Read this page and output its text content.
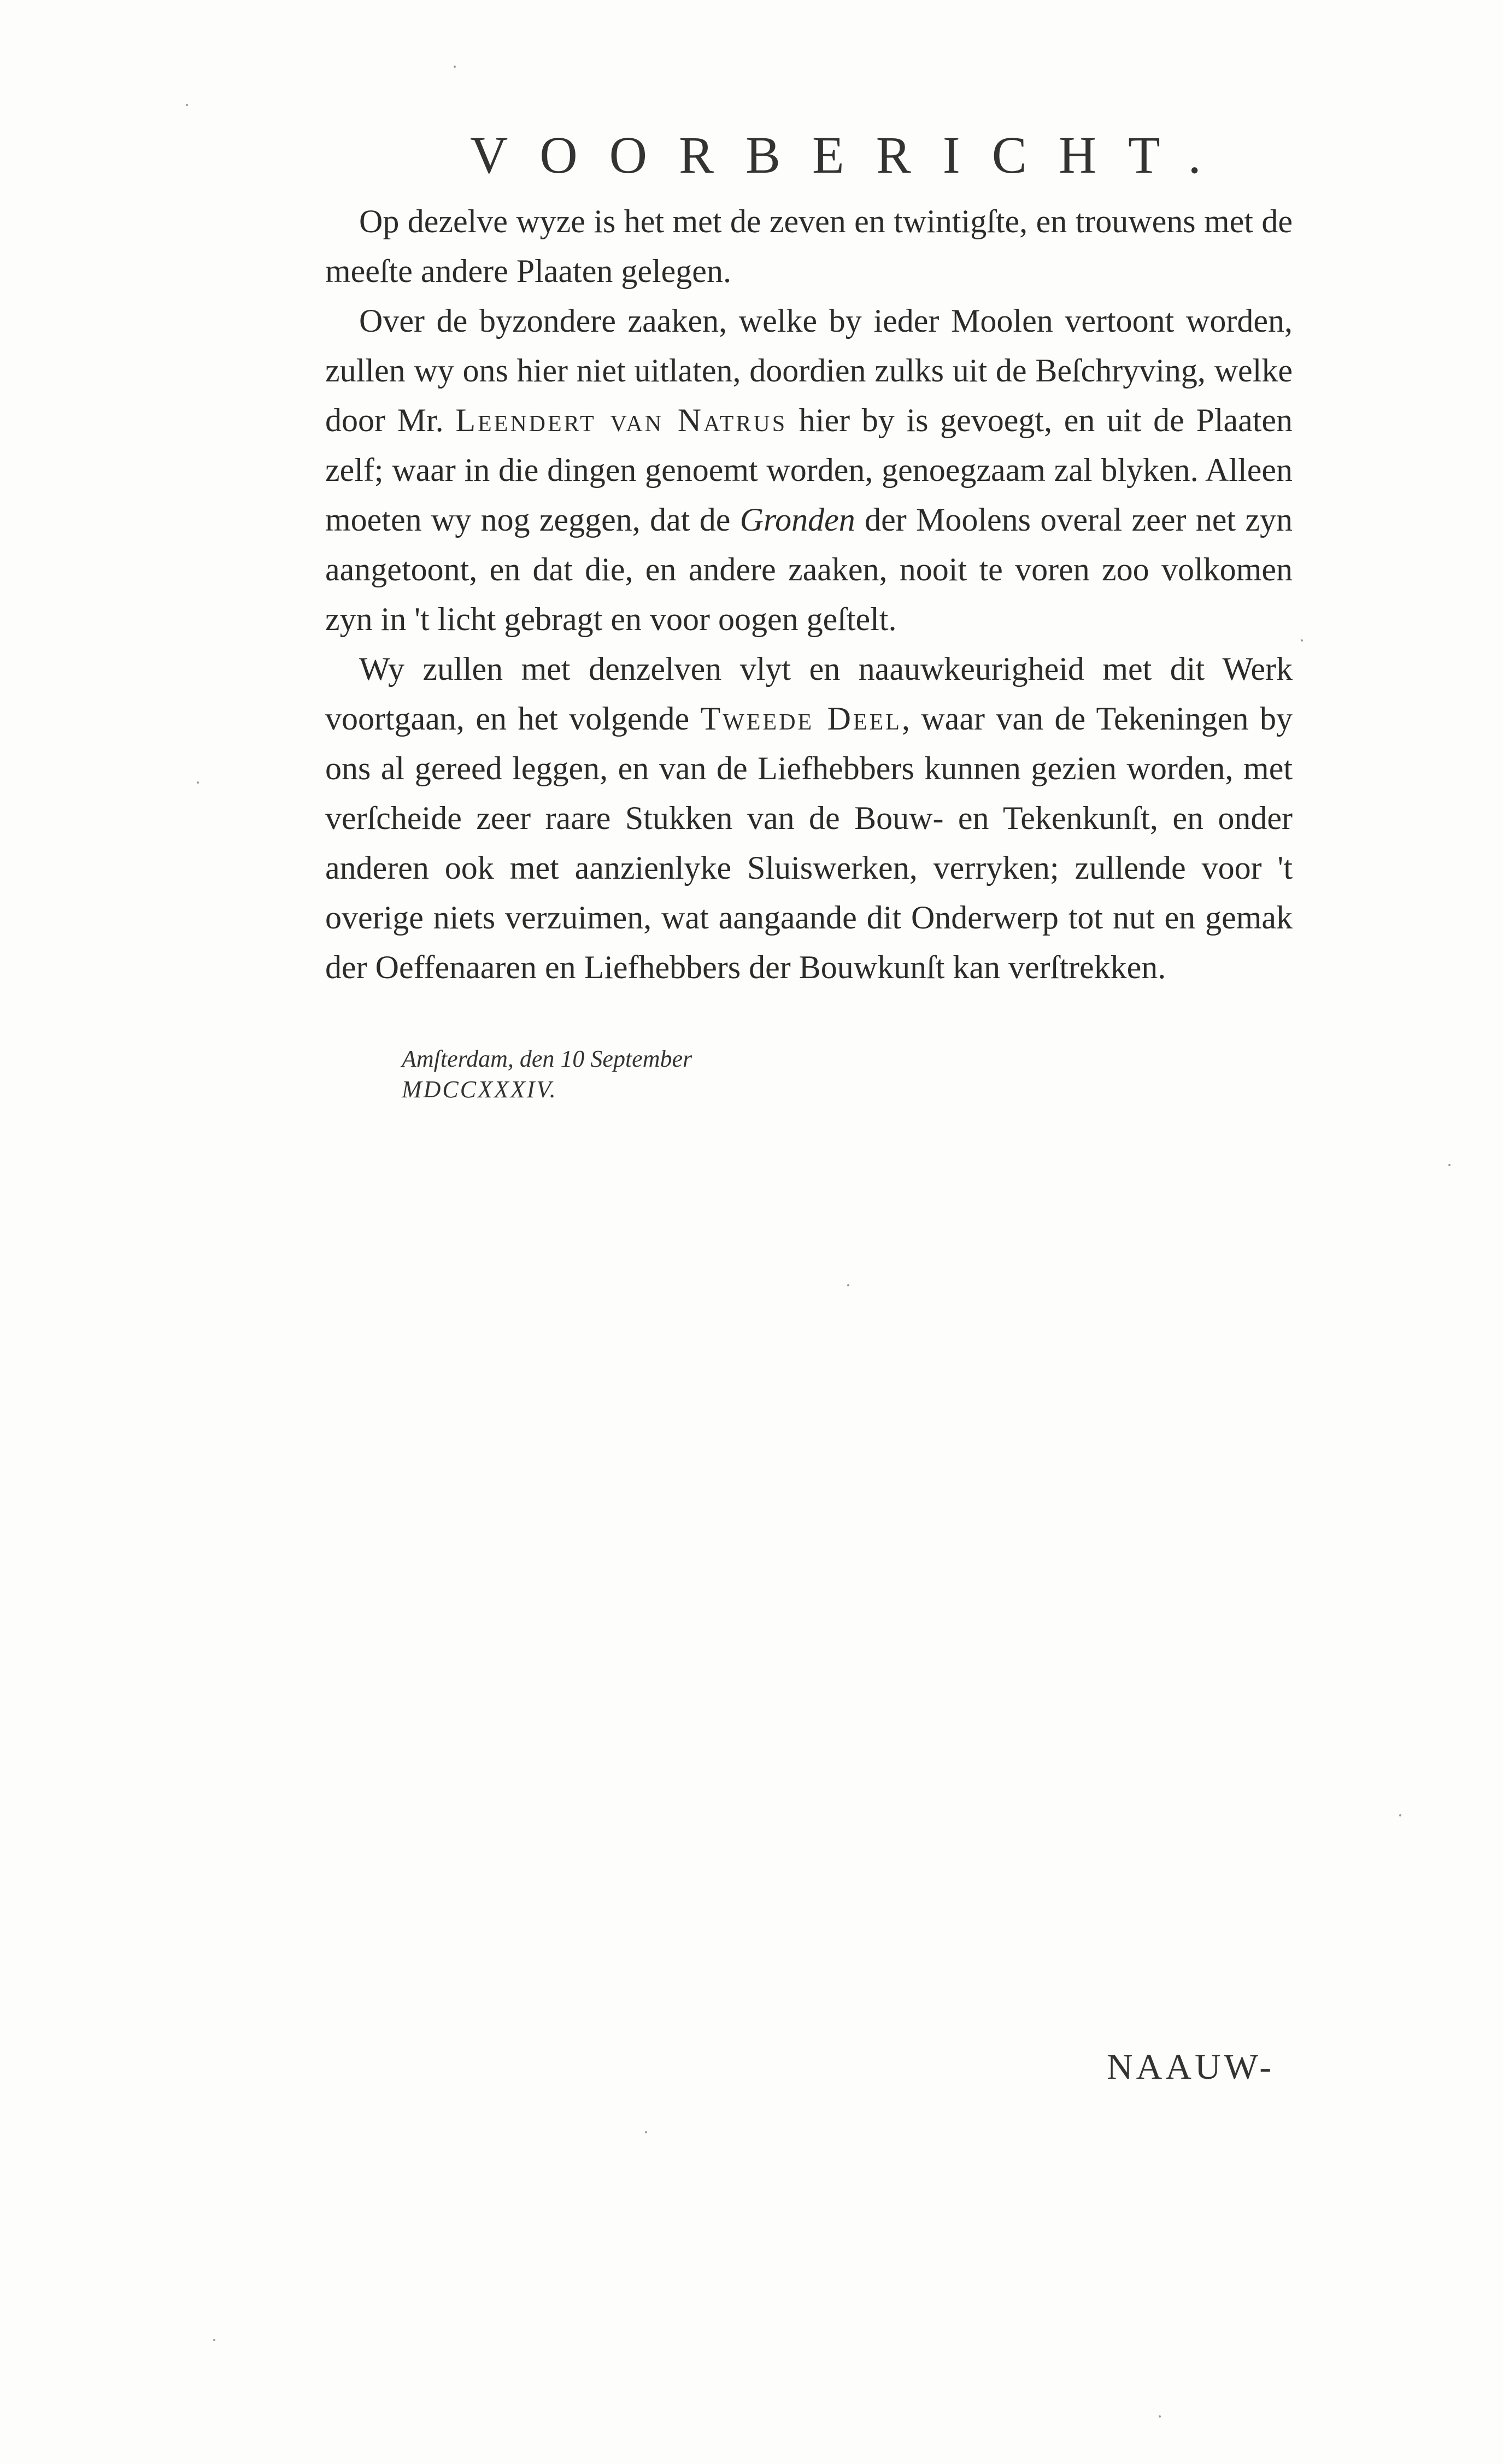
VOORBERICHT.

Op dezelve wyze is het met de zeven en twintigſte, en trouwens met de meeſte andere Plaaten gelegen.

Over de byzondere zaaken, welke by ieder Moolen vertoont worden, zullen wy ons hier niet uitlaten, doordien zulks uit de Beſchryving, welke door Mr. Leendert van Natrus hier by is gevoegt, en uit de Plaaten zelf; waar in die dingen genoemt worden, genoegzaam zal blyken. Alleen moeten wy nog zeggen, dat de Gronden der Moolens overal zeer net zyn aangetoont, en dat die, en andere zaaken, nooit te voren zoo volkomen zyn in 't licht gebragt en voor oogen geſtelt.

Wy zullen met denzelven vlyt en naauwkeurigheid met dit Werk voortgaan, en het volgende Tweede Deel, waar van de Tekeningen by ons al gereed leggen, en van de Liefhebbers kunnen gezien worden, met verſcheide zeer raare Stukken van de Bouw- en Tekenkunſt, en onder anderen ook met aanzienlyke Sluiswerken, verryken; zullende voor 't overige niets verzuimen, wat aangaande dit Onderwerp tot nut en gemak der Oeffenaaren en Liefhebbers der Bouwkunſt kan verſtrekken.

Amſterdam, den 10 September
MDCCXXXIV.
NAAUW-
